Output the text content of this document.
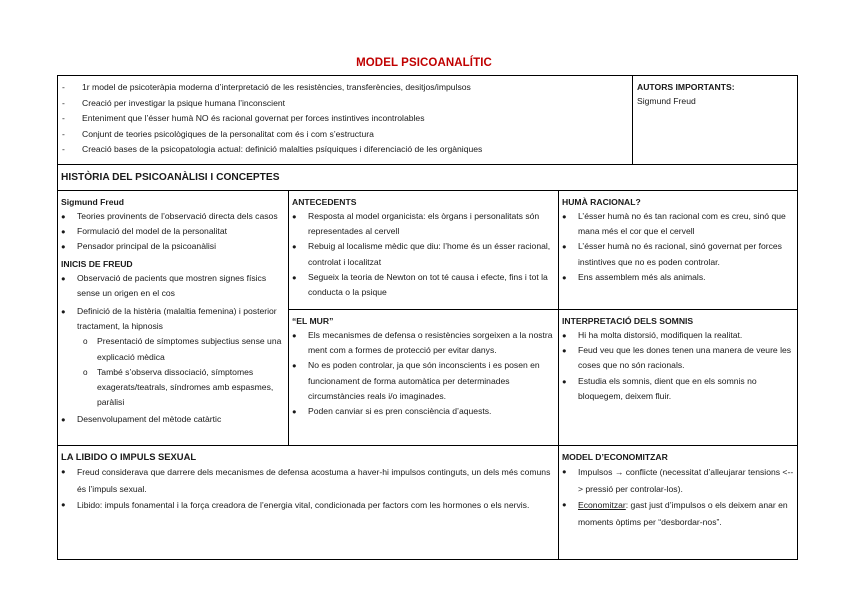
MODEL PSICOANALÍTIC
- 1r model de psicoteràpia moderna d’interpretació de les resistències, transferències, desitjos/impulsos
- Creació per investigar la psique humana l’inconscient
- Enteniment que l’ésser humà NO és racional governat per forces instintives incontrolables
- Conjunt de teories psicològiques de la personalitat com és i com s’estructura
- Creació bases de la psicopatologia actual: definició malalties psíquiques i diferenciació de les orgàniques
AUTORS IMPORTANTS:
Sigmund Freud
HISTÒRIA DEL PSICOANÀLISI I CONCEPTES
Sigmund Freud
● Teories provinents de l’observació directa dels casos
● Formulació del model de la personalitat
● Pensador principal de la psicoanàlisi
INICIS DE FREUD
● Observació de pacients que mostren signes físics sense un origen en el cos
● Definició de la histèria (malaltia femenina) i posterior tractament, la hipnosis
o Presentació de símptomes subjectius sense una explicació mèdica
o També s’observa dissociació, símptomes exagerats/teatrals, síndromes amb espasmes, paràlisi
● Desenvolupament del mètode catàrtic
ANTECEDENTS
● Resposta al model organicista: els òrgans i personalitats són representades al cervell
● Rebuig al localisme mèdic que diu: l’home és un ésser racional, controlat i localitzat
● Segueix la teoria de Newton on tot té causa i efecte, fins i tot la conducta o la psique
“EL MUR”
● Els mecanismes de defensa o resistències sorgeixen a la nostra ment com a formes de protecció per evitar danys.
● No es poden controlar, ja que són inconscients i es posen en funcionament de forma automàtica per determinades circumstàncies reals i/o imaginades.
● Poden canviar si es pren consciència d’aquests.
HUMÀ RACIONAL?
● L’ésser humà no és tan racional com es creu, sinó que mana més el cor que el cervell
● L’ésser humà no és racional, sinó governat per forces instintives que no es poden controlar.
● Ens assemblem més als animals.
INTERPRETACIÓ DELS SOMNIS
● Hi ha molta distorsió, modifiquen la realitat.
● Feud veu que les dones tenen una manera de veure les coses que no són racionals.
● Estudia els somnis, dient que en els somnis no bloquegem, deixem fluir.
LA LIBIDO O IMPULS SEXUAL
● Freud considerava que darrere dels mecanismes de defensa acostuma a haver-hi impulsos continguts, un dels més comuns és l’impuls sexual.
● Libido: impuls fonamental i la força creadora de l’energia vital, condicionada per factors com les hormones o els nervis.
MODEL D’ECONOMITZAR
● Impulsos → conflicte (necessitat d’alleujarar tensions <--> pressió per controlar-los).
● Economitzar: gast just d’impulsos o els deixem anar en moments òptims per “desbordar-nos”.
